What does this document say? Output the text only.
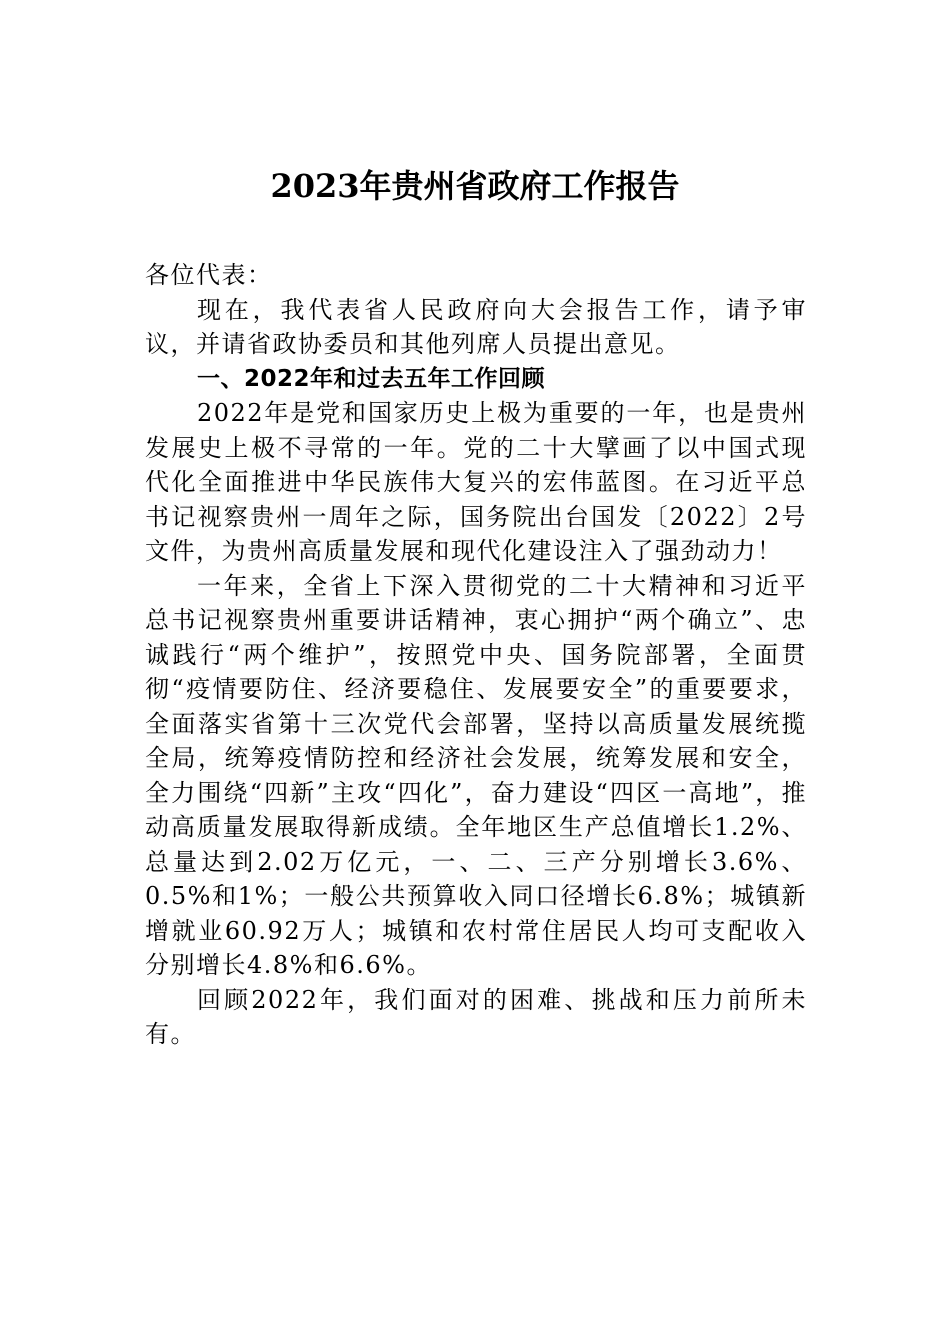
2023年贵州省政府工作报告

各位代表：

现在，我代表省人民政府向大会报告工作，请予审议，并请省政协委员和其他列席人员提出意见。

一、2022年和过去五年工作回顾

2022年是党和国家历史上极为重要的一年，也是贵州发展史上极不寻常的一年。党的二十大擘画了以中国式现代化全面推进中华民族伟大复兴的宏伟蓝图。在习近平总书记视察贵州一周年之际，国务院出台国发〔2022〕2号文件，为贵州高质量发展和现代化建设注入了强劲动力！

一年来，全省上下深入贯彻党的二十大精神和习近平总书记视察贵州重要讲话精神，衷心拥护“两个确立”、忠诚践行“两个维护”，按照党中央、国务院部署，全面贯彻“疫情要防住、经济要稳住、发展要安全”的重要要求，全面落实省第十三次党代会部署，坚持以高质量发展统揽全局，统筹疫情防控和经济社会发展，统筹发展和安全，全力围绕“四新”主攻“四化”，奋力建设“四区一高地”，推动高质量发展取得新成绩。全年地区生产总值增长1.2%、总量达到2.02万亿元，一、二、三产分别增长3.6%、0.5%和1%；一般公共预算收入同口径增长6.8%；城镇新增就业60.92万人；城镇和农村常住居民人均可支配收入分别增长4.8%和6.6%。

回顾2022年，我们面对的困难、挑战和压力前所未有。
